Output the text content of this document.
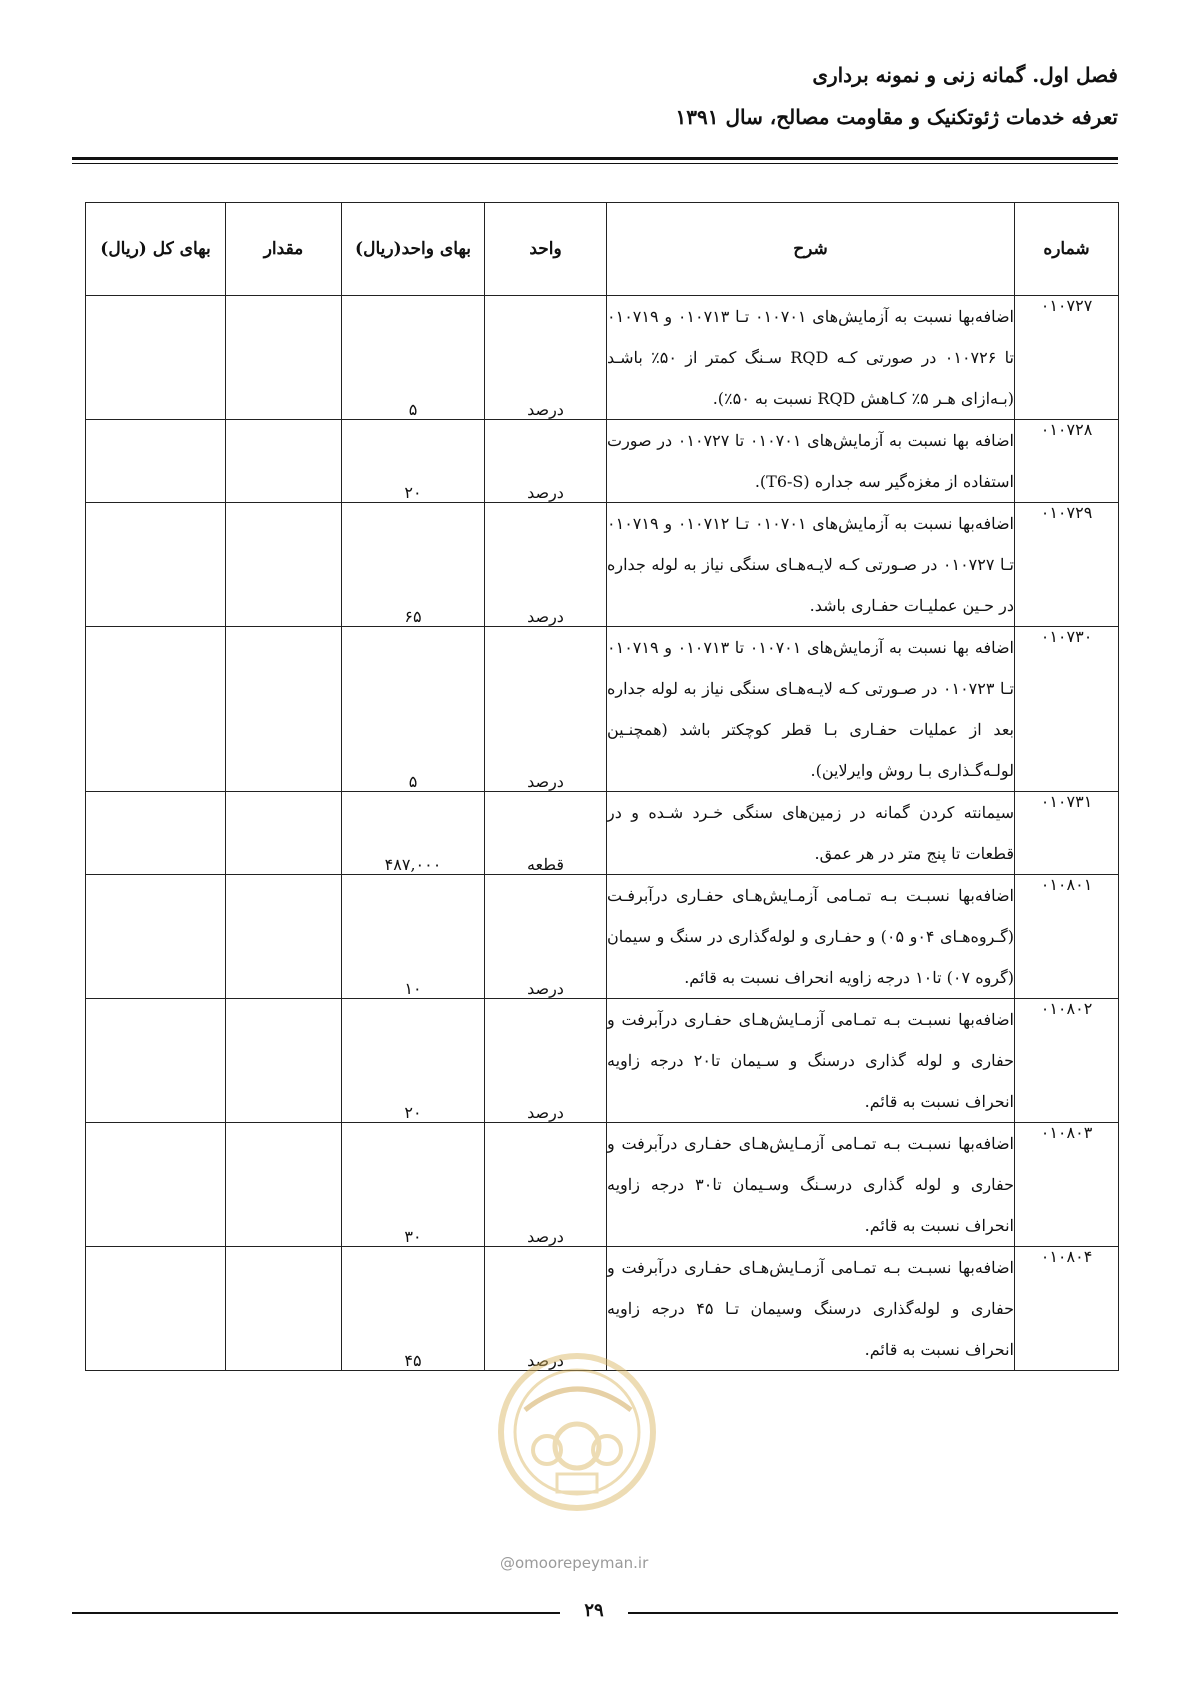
فصل اول. گمانه زنی و نمونه برداری
تعرفه خدمات ژئوتکنیک و مقاومت مصالح، سال ۱۳۹۱
شماره	شرح	واحد	بهای واحد(ریال)	مقدار	بهای کل (ریال)
۰۱۰۷۲۷	اضافه‌بها نسبت به آزمایش‌های ۰۱۰۷۰۱ تـا ۰۱۰۷۱۳ و ۰۱۰۷۱۹ تا ۰۱۰۷۲۶ در صورتی کـه RQD سـنگ کمتر از ۵۰٪ باشـد (بـه‌ازای هـر ۵٪ کـاهش RQD نسبت به ۵۰٪).	درصد	۵		
۰۱۰۷۲۸	اضافه بها نسبت به آزمایش‌های ۰۱۰۷۰۱ تا ۰۱۰۷۲۷ در صورت استفاده از مغزه‌گیر سه جداره (T6-S).	درصد	۲۰		
۰۱۰۷۲۹	اضافه‌بها نسبت به آزمایش‌های ۰۱۰۷۰۱ تـا ۰۱۰۷۱۲ و ۰۱۰۷۱۹ تـا ۰۱۰۷۲۷ در صـورتی کـه لایـه‌هـای سنگی نیاز به لوله جداره در حـین عملیـات حفـاری باشد.	درصد	۶۵		
۰۱۰۷۳۰	اضافه بها نسبت به آزمایش‌های ۰۱۰۷۰۱ تا ۰۱۰۷۱۳ و ۰۱۰۷۱۹ تـا ۰۱۰۷۲۳ در صـورتی کـه لایـه‌هـای سنگی نیاز به لوله جداره بعد از عملیات حفـاری بـا قطر کوچکتر باشد (همچنـین لولـه‌گـذاری بـا روش وایرلاین).	درصد	۵		
۰۱۰۷۳۱	سیمانته کردن گمانه در زمین‌های سنگی خـرد شـده و در قطعات تا پنج متر در هر عمق.	قطعه	۴۸۷,۰۰۰		
۰۱۰۸۰۱	اضافه‌بها نسبـت بـه تمـامی آزمـایش‌هـای حفـاری درآبرفـت (گـروه‌هـای ۰۴و ۰۵) و حفـاری و لوله‌گذاری در سنگ و سیمان (گروه ۰۷) تا۱۰ درجه زاویه انحراف نسبت به قائم.	درصد	۱۰		
۰۱۰۸۰۲	اضافه‌بها نسبـت بـه تمـامی آزمـایش‌هـای حفـاری درآبرفت و حفاری و لوله گذاری درسنگ و سـیمان تا۲۰ درجه زاویه انحراف نسبت به قائم.	درصد	۲۰		
۰۱۰۸۰۳	اضافه‌بها نسبـت بـه تمـامی آزمـایش‌هـای حفـاری درآبرفت و حفاری و لوله گذاری درسـنگ وسـیمان تا۳۰ درجه زاویه انحراف نسبت به قائم.	درصد	۳۰		
۰۱۰۸۰۴	اضافه‌بها نسبـت بـه تمـامی آزمـایش‌هـای حفـاری درآبرفت و حفاری و لوله‌گذاری درسنگ وسیمان تـا ۴۵ درجه زاویه انحراف نسبت به قائم.	درصد	۴۵		
@omoorepeyman.ir
۲۹
